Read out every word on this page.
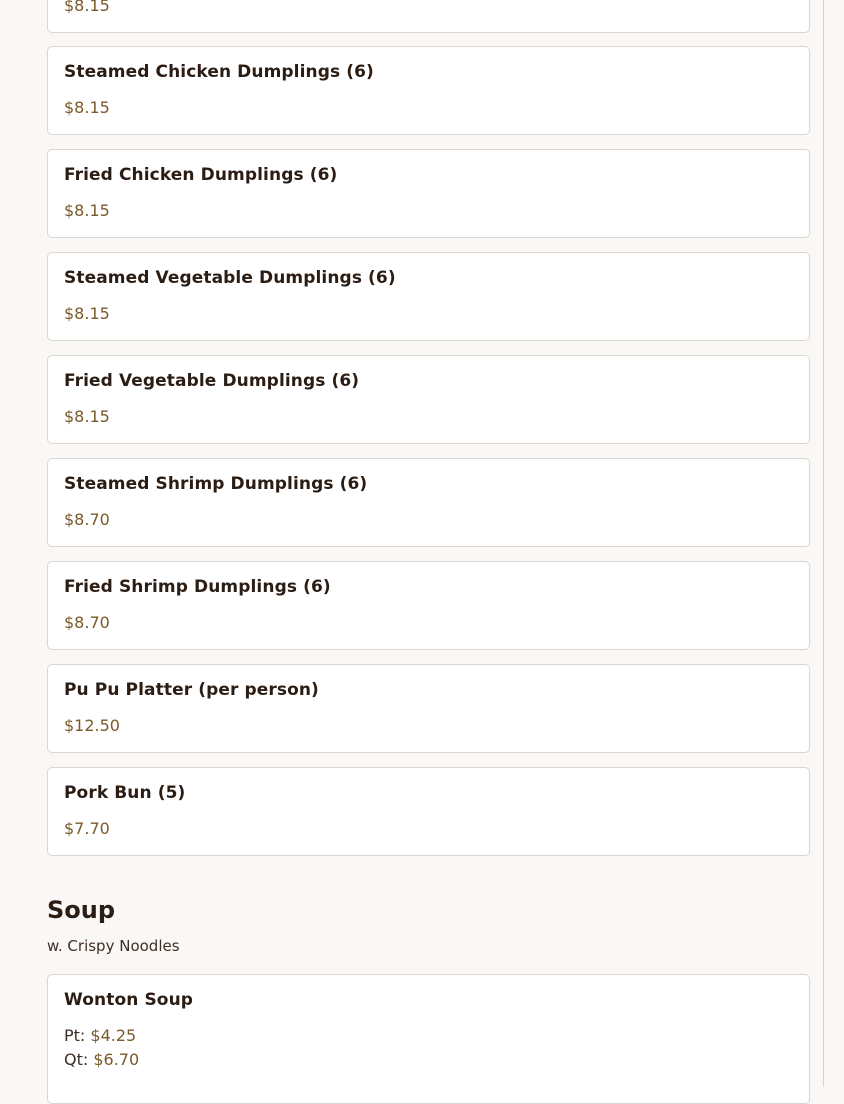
$8.15
Steamed Chicken Dumplings (6)
$8.15
Fried Chicken Dumplings (6)
$8.15
Steamed Vegetable Dumplings (6)
$8.15
Fried Vegetable Dumplings (6)
$8.15
Steamed Shrimp Dumplings (6)
$8.70
Fried Shrimp Dumplings (6)
$8.70
Pu Pu Platter (per person)
$12.50
Pork Bun (5)
$7.70
Soup
w. Crispy Noodles
Wonton Soup
Pt: $4.25
Qt: $6.70
